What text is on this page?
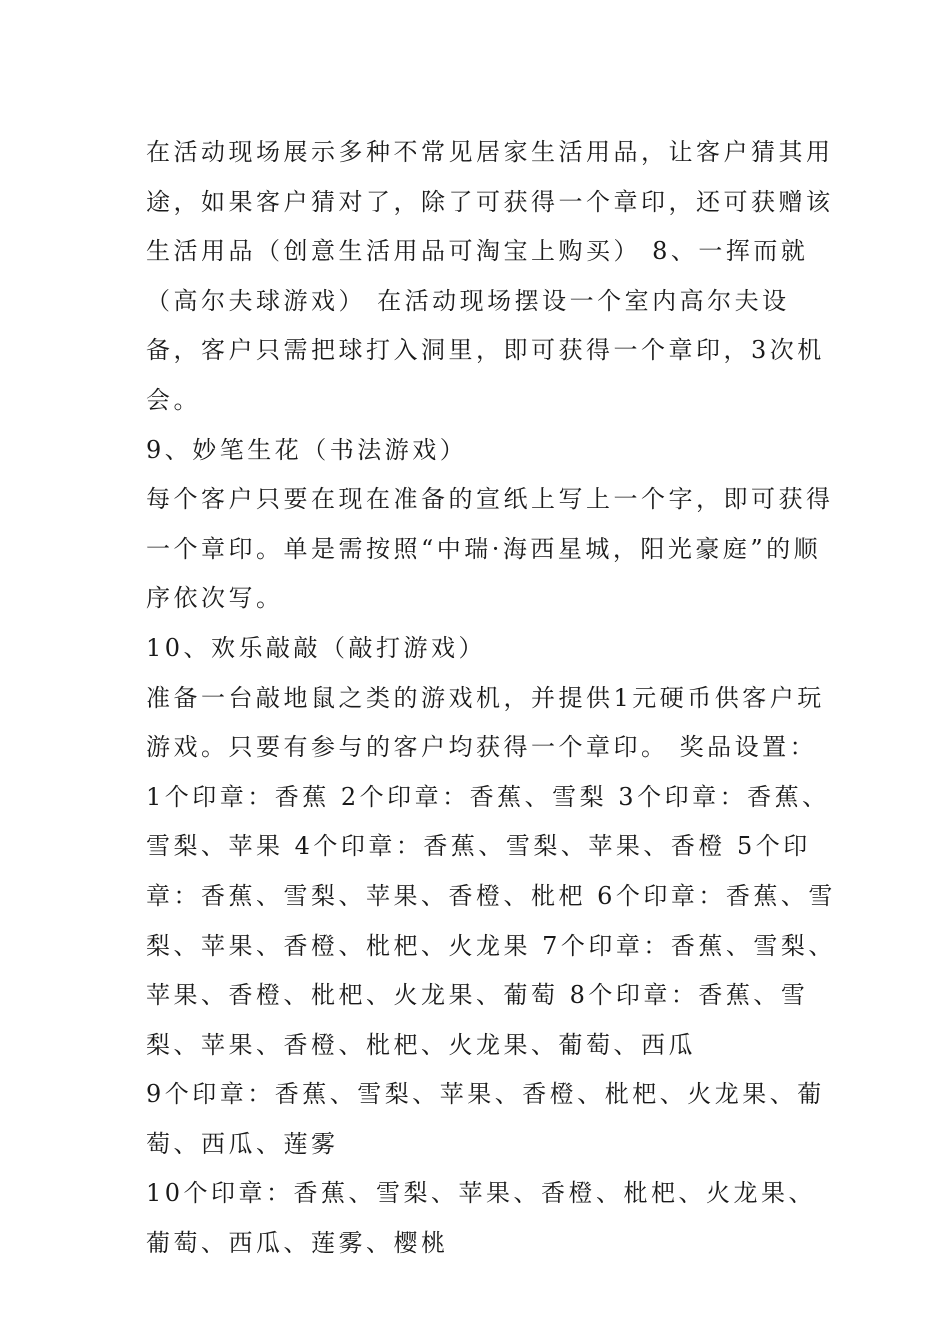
在活动现场展示多种不常见居家生活用品，让客户猜其用途，如果客户猜对了，除了可获得一个章印，还可获赠该生活用品（创意生活用品可淘宝上购买） 8、一挥而就（高尔夫球游戏） 在活动现场摆设一个室内高尔夫设备，客户只需把球打入洞里，即可获得一个章印，3次机会。

9、妙笔生花（书法游戏）

每个客户只要在现在准备的宣纸上写上一个字，即可获得一个章印。单是需按照“中瑞·海西星城，阳光豪庭”的顺序依次写。

10、欢乐敲敲（敲打游戏）

准备一台敲地鼠之类的游戏机，并提供1元硬币供客户玩游戏。只要有参与的客户均获得一个章印。 奖品设置： 1个印章：香蕉 2个印章：香蕉、雪梨 3个印章：香蕉、雪梨、苹果 4个印章：香蕉、雪梨、苹果、香橙 5个印章：香蕉、雪梨、苹果、香橙、枇杷 6个印章：香蕉、雪梨、苹果、香橙、枇杷、火龙果 7个印章：香蕉、雪梨、苹果、香橙、枇杷、火龙果、葡萄 8个印章：香蕉、雪梨、苹果、香橙、枇杷、火龙果、葡萄、西瓜

9个印章：香蕉、雪梨、苹果、香橙、枇杷、火龙果、葡萄、西瓜、莲雾

10个印章：香蕉、雪梨、苹果、香橙、枇杷、火龙果、葡萄、西瓜、莲雾、樱桃
